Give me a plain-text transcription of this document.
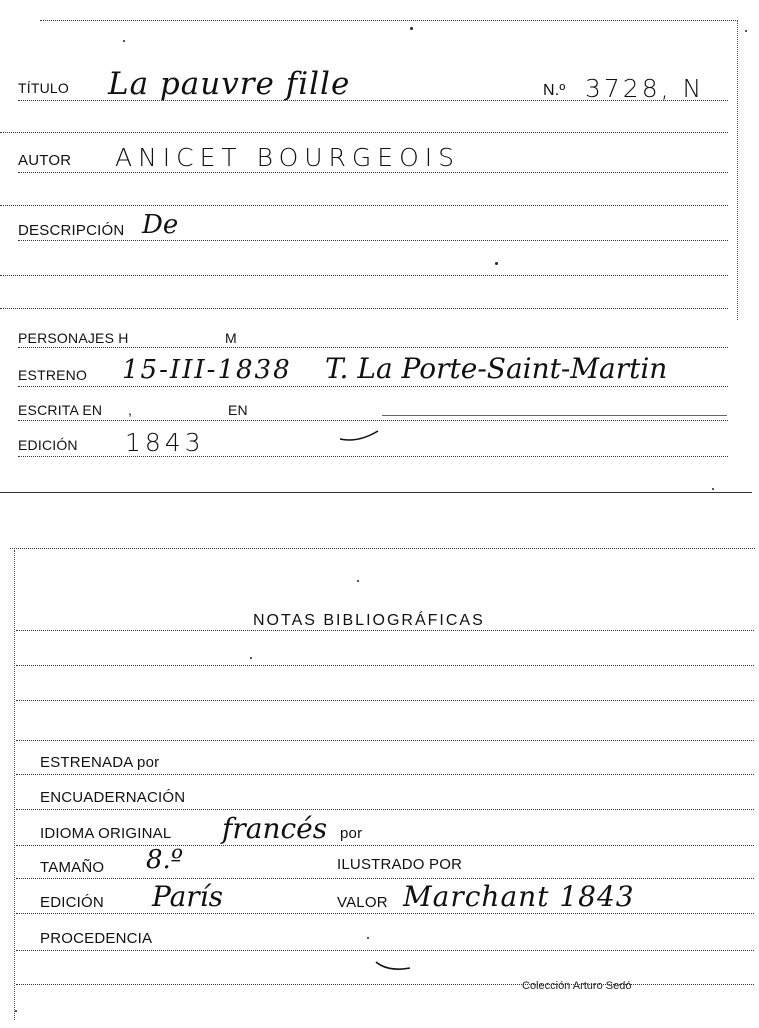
TÍTULO La pauvre fille	N.º 3728, N
AUTOR ANICET BOURGEOIS
DESCRIPCIÓN De
PERSONAJES H	M
ESTRENO 15-III-1838 T. La Porte-Saint-Martin
ESCRITA EN ,	EN
EDICIÓN 1843
NOTAS BIBLIOGRÁFICAS
ESTRENADA por
ENCUADERNACIÓN
IDIOMA ORIGINAL francés por
TAMAÑO 8.º	ILUSTRADO POR
EDICIÓN París	VALOR Marchant 1843
PROCEDENCIA
Colección Arturo Sedó
